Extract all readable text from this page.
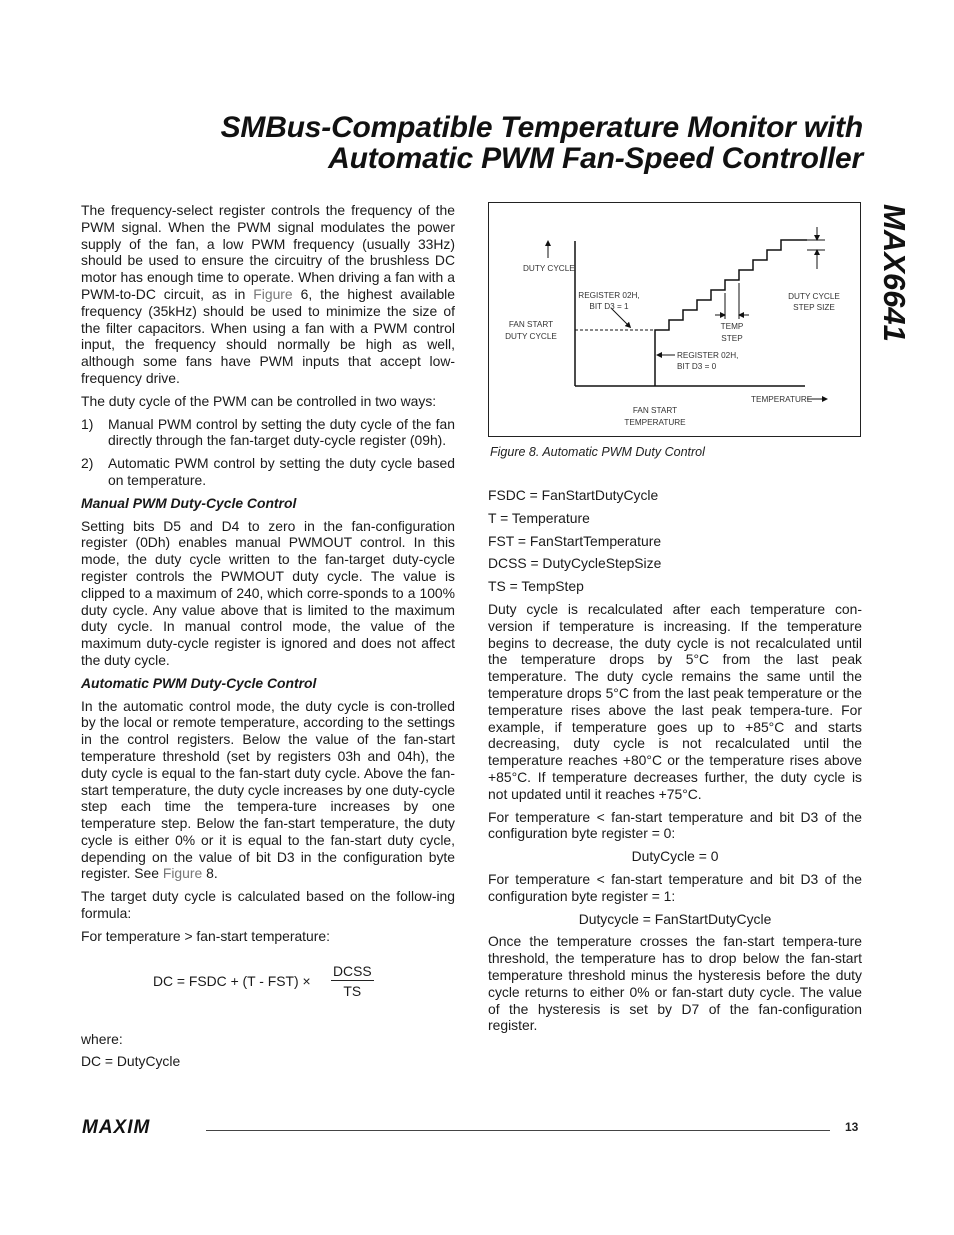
SMBus-Compatible Temperature Monitor with
Automatic PWM Fan-Speed Controller
MAX6641

The frequency-select register controls the frequency of the PWM signal. When the PWM signal modulates the power supply of the fan, a low PWM frequency (usually 33Hz) should be used to ensure the circuitry of the brushless DC motor has enough time to operate. When driving a fan with a PWM-to-DC circuit, as in Figure 6, the highest available frequency (35kHz) should be used to minimize the size of the filter capacitors. When using a fan with a PWM control input, the frequency should normally be high as well, although some fans have PWM inputs that accept low-frequency drive.

The duty cycle of the PWM can be controlled in two ways:

1)	Manual PWM control by setting the duty cycle of the fan directly through the fan-target duty-cycle register (09h).
2)	Automatic PWM control by setting the duty cycle based on temperature.

Manual PWM Duty-Cycle Control

Setting bits D5 and D4 to zero in the fan-configuration register (0Dh) enables manual PWMOUT control. In this mode, the duty cycle written to the fan-target duty-cycle register controls the PWMOUT duty cycle. The value is clipped to a maximum of 240, which corre-sponds to a 100% duty cycle. Any value above that is limited to the maximum duty cycle. In manual control mode, the value of the maximum duty-cycle register is ignored and does not affect the duty cycle.

Automatic PWM Duty-Cycle Control

In the automatic control mode, the duty cycle is con-trolled by the local or remote temperature, according to the settings in the control registers. Below the value of the fan-start temperature threshold (set by registers 03h and 04h), the duty cycle is equal to the fan-start duty cycle. Above the fan-start temperature, the duty cycle increases by one duty-cycle step each time the tempera-ture increases by one temperature step. Below the fan-start temperature, the duty cycle is either 0% or it is equal to the fan-start duty cycle, depending on the value of bit D3 in the configuration byte register. See Figure 8.

The target duty cycle is calculated based on the follow-ing formula:

For temperature > fan-start temperature:

DC = FSDC + (T - FST) ×
DCSS
TS

where:

DC = DutyCycle

DUTY CYCLE
REGISTER 02H,
BIT D3 = 1
FAN START
DUTY CYCLE
TEMP
STEP
DUTY CYCLE
STEP SIZE
REGISTER 02H,
BIT D3 = 0
FAN START
TEMPERATURE
TEMPERATURE
Figure 8. Automatic PWM Duty Control

FSDC = FanStartDutyCycle

T = Temperature

FST = FanStartTemperature

DCSS = DutyCycleStepSize

TS = TempStep

Duty cycle is recalculated after each temperature con-version if temperature is increasing. If the temperature begins to decrease, the duty cycle is not recalculated until the temperature drops by 5°C from the last peak temperature. The duty cycle remains the same until the temperature drops 5°C from the last peak temperature or the temperature rises above the last peak tempera-ture. For example, if temperature goes up to +85°C and starts decreasing, duty cycle is not recalculated until the temperature reaches +80°C or the temperature rises above +85°C. If temperature decreases further, the duty cycle is not updated until it reaches +75°C.

For temperature < fan-start temperature and bit D3 of the configuration byte register = 0:

DutyCycle = 0

For temperature < fan-start temperature and bit D3 of the configuration byte register = 1:

Dutycycle = FanStartDutyCycle

Once the temperature crosses the fan-start tempera-ture threshold, the temperature has to drop below the fan-start temperature threshold minus the hysteresis before the duty cycle returns to either 0% or fan-start duty cycle. The value of the hysteresis is set by D7 of the fan-configuration register.

MAXIM	13
